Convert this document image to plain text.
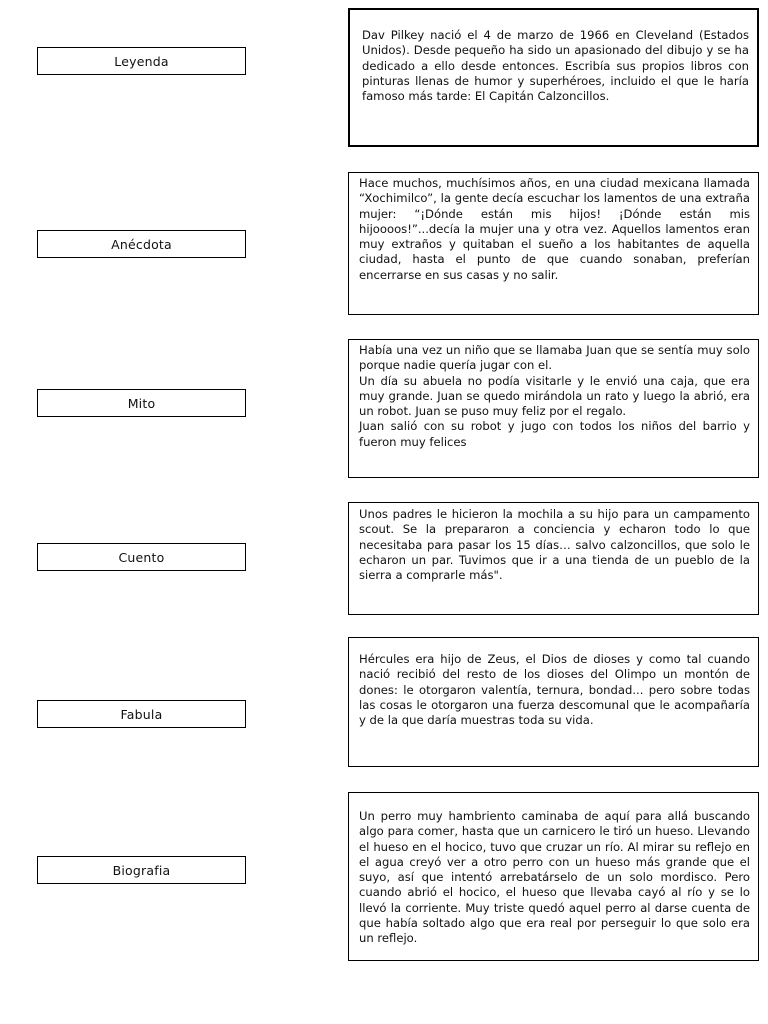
Leyenda
Anécdota
Mito
Cuento
Fabula
Biografia

Dav Pilkey nació el 4 de marzo de 1966 en Cleveland (Estados Unidos). Desde pequeño ha sido un apasionado del dibujo y se ha dedicado a ello desde entonces. Escribía sus propios libros con pinturas llenas de humor y superhéroes, incluido el que le haría famoso más tarde: El Capitán Calzoncillos.

Hace muchos, muchísimos años, en una ciudad mexicana llamada “Xochimilco”, la gente decía escuchar los lamentos de una extraña mujer: “¡Dónde están mis hijos! ¡Dónde están mis hijoooos!”...decía la mujer una y otra vez. Aquellos lamentos eran muy extraños y quitaban el sueño a los habitantes de aquella ciudad, hasta el punto de que cuando sonaban, preferían encerrarse en sus casas y no salir.

Había una vez un niño que se llamaba Juan que se sentía muy solo porque nadie quería jugar con el.

Un día su abuela no podía visitarle y le envió una caja, que era muy grande. Juan se quedo mirándola un rato y luego la abrió, era un robot. Juan se puso muy feliz por el regalo.

Juan salió con su robot y jugo con todos los niños del barrio y fueron muy felices

Unos padres le hicieron la mochila a su hijo para un campamento scout. Se la prepararon a conciencia y echaron todo lo que necesitaba para pasar los 15 días… salvo calzoncillos, que solo le echaron un par. Tuvimos que ir a una tienda de un pueblo de la sierra a comprarle más".

Hércules era hijo de Zeus, el Dios de dioses y como tal cuando nació recibió del resto de los dioses del Olimpo un montón de dones: le otorgaron valentía, ternura, bondad... pero sobre todas las cosas le otorgaron una fuerza descomunal que le acompañaría y de la que daría muestras toda su vida.

Un perro muy hambriento caminaba de aquí para allá buscando algo para comer, hasta que un carnicero le tiró un hueso. Llevando el hueso en el hocico, tuvo que cruzar un río. Al mirar su reflejo en el agua creyó ver a otro perro con un hueso más grande que el suyo, así que intentó arrebatárselo de un solo mordisco. Pero cuando abrió el hocico, el hueso que llevaba cayó al río y se lo llevó la corriente. Muy triste quedó aquel perro al darse cuenta de que había soltado algo que era real por perseguir lo que solo era un reflejo.
